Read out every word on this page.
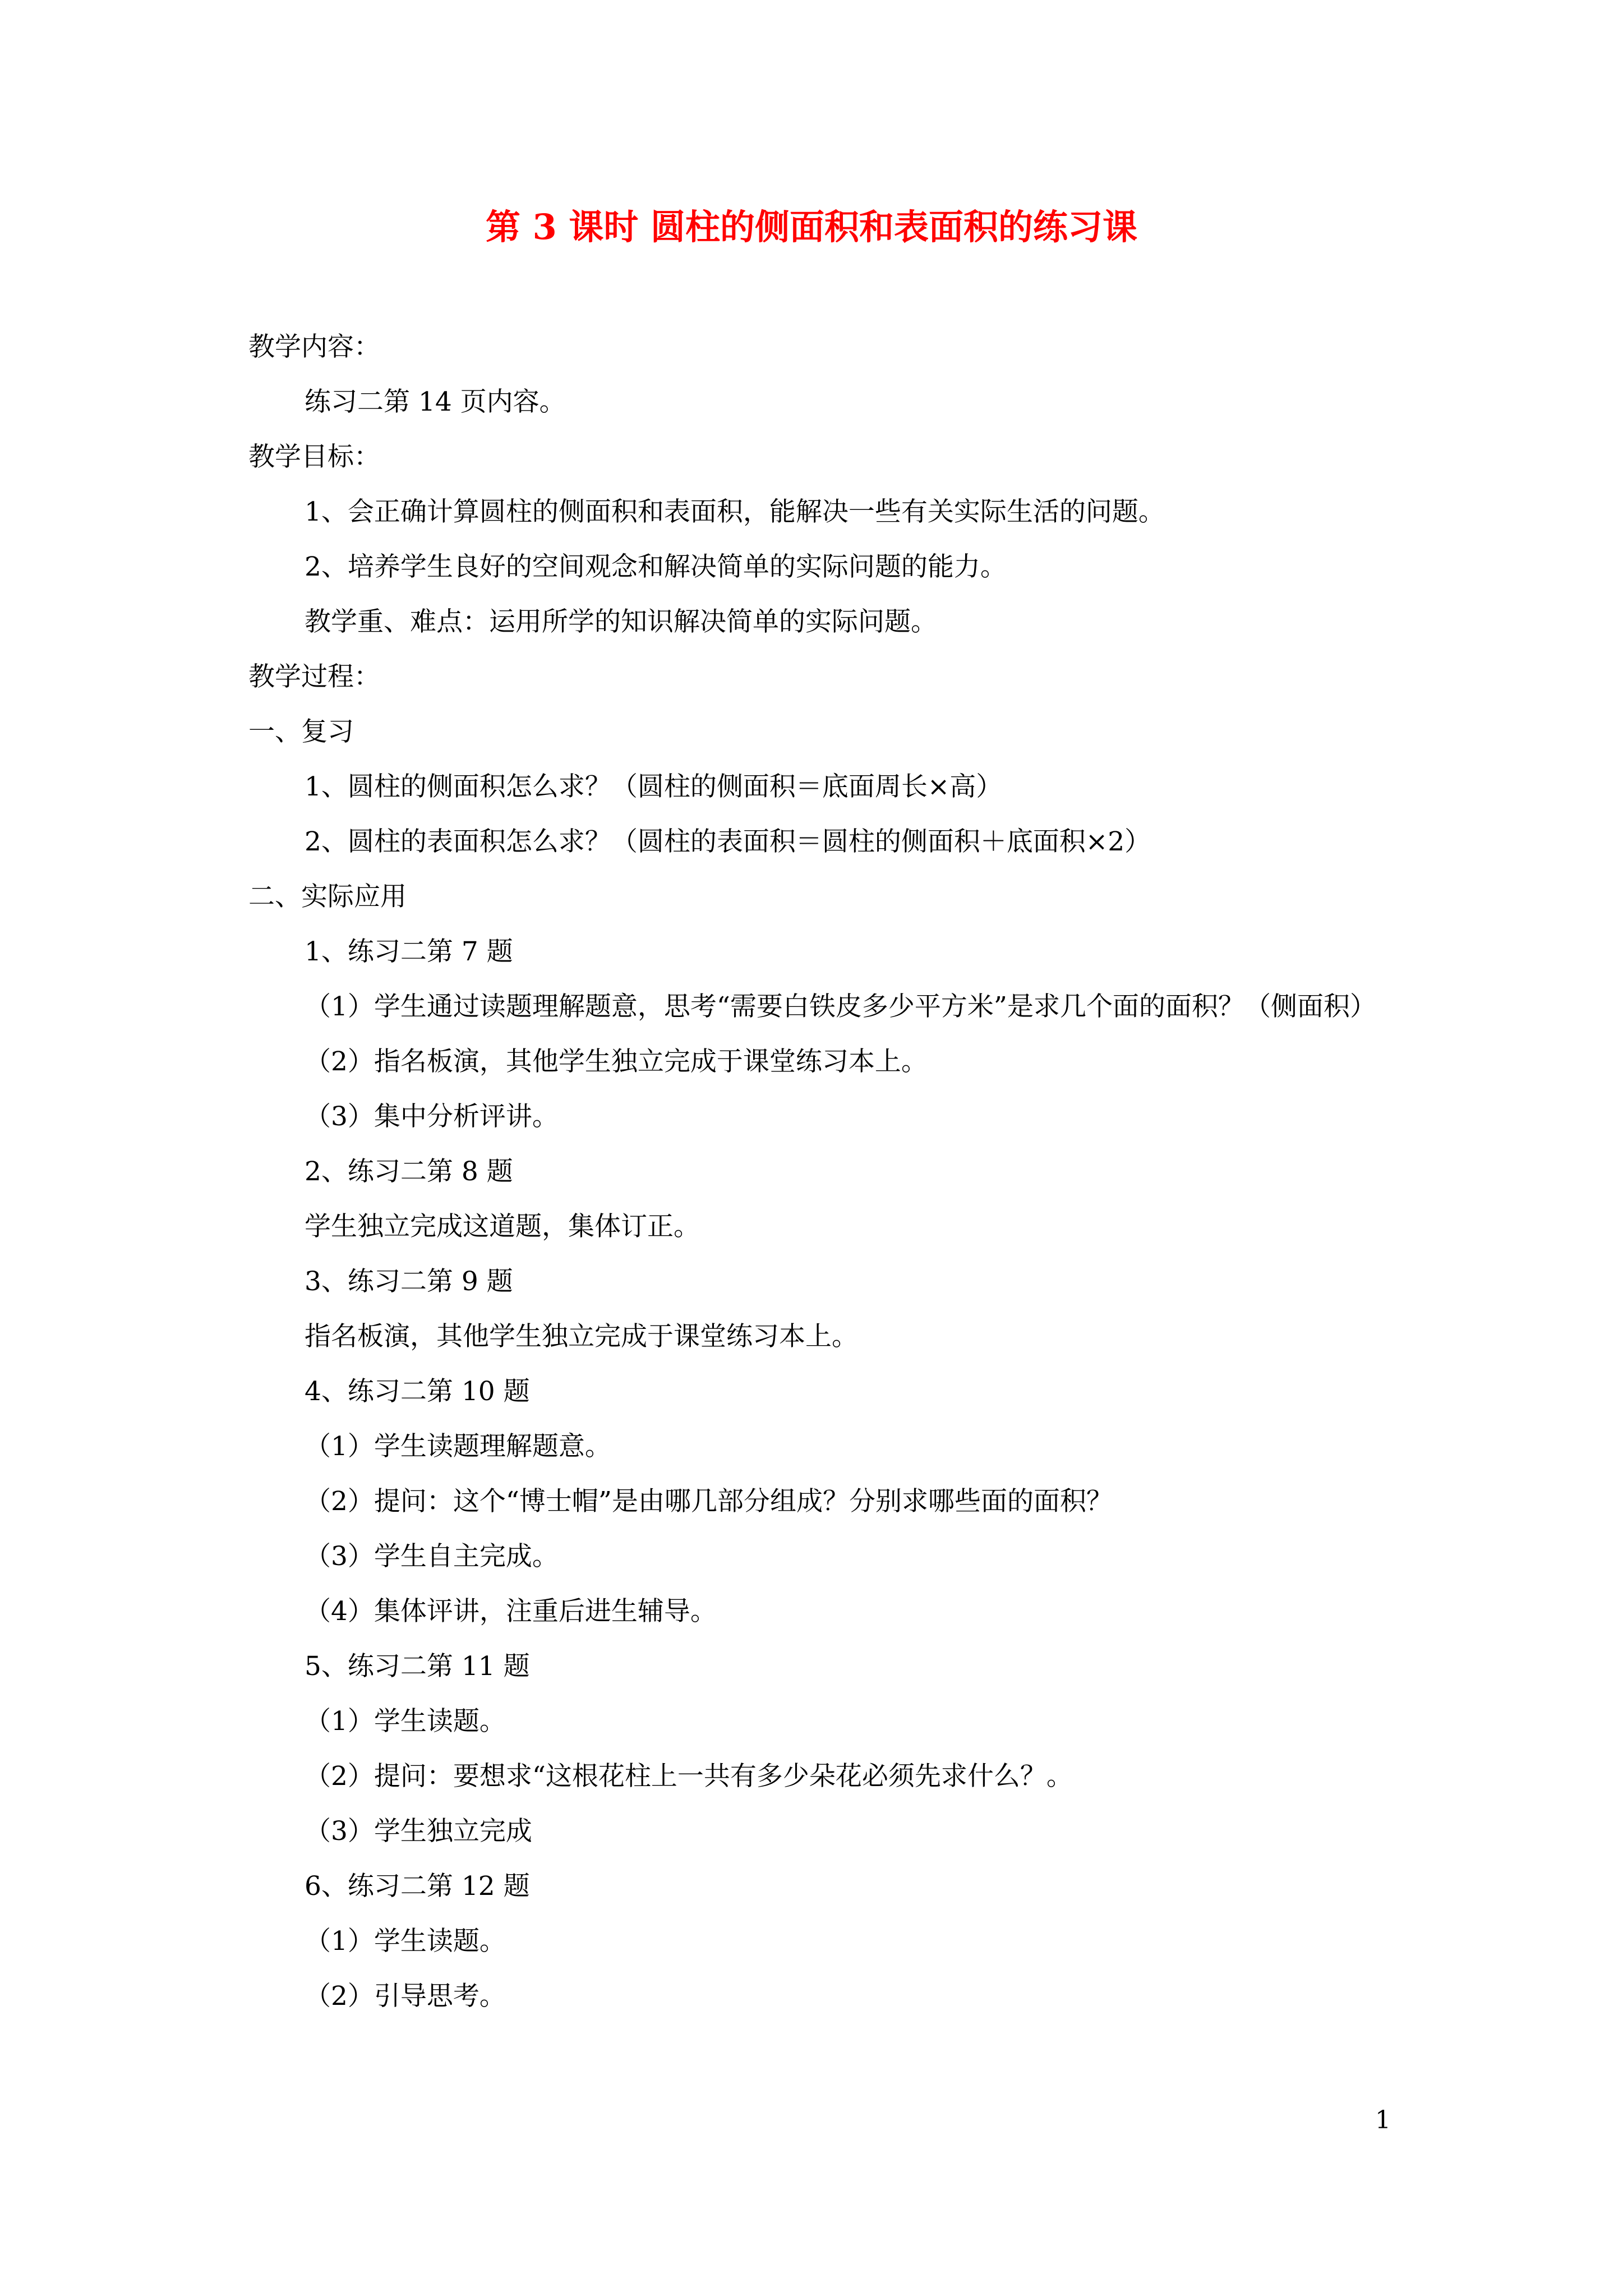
第 3 课时 圆柱的侧面积和表面积的练习课
教学内容：
练习二第 14 页内容。
教学目标：
1、会正确计算圆柱的侧面积和表面积，能解决一些有关实际生活的问题。
2、培养学生良好的空间观念和解决简单的实际问题的能力。
教学重、难点：运用所学的知识解决简单的实际问题。
教学过程：
一、复习
1、圆柱的侧面积怎么求？（圆柱的侧面积＝底面周长×高）
2、圆柱的表面积怎么求？（圆柱的表面积＝圆柱的侧面积＋底面积×2）
二、实际应用
1、练习二第 7 题
（1）学生通过读题理解题意，思考“需要白铁皮多少平方米”是求几个面的面积？（侧面积）
（2）指名板演，其他学生独立完成于课堂练习本上。
（3）集中分析评讲。
2、练习二第 8 题
学生独立完成这道题，集体订正。
3、练习二第 9 题
指名板演，其他学生独立完成于课堂练习本上。
4、练习二第 10 题
（1）学生读题理解题意。
（2）提问：这个“博士帽”是由哪几部分组成？分别求哪些面的面积？
（3）学生自主完成。
（4）集体评讲，注重后进生辅导。
5、练习二第 11 题
（1）学生读题。
（2）提问：要想求“这根花柱上一共有多少朵花必须先求什么？。
（3）学生独立完成
6、练习二第 12 题
（1）学生读题。
（2）引导思考。
1
